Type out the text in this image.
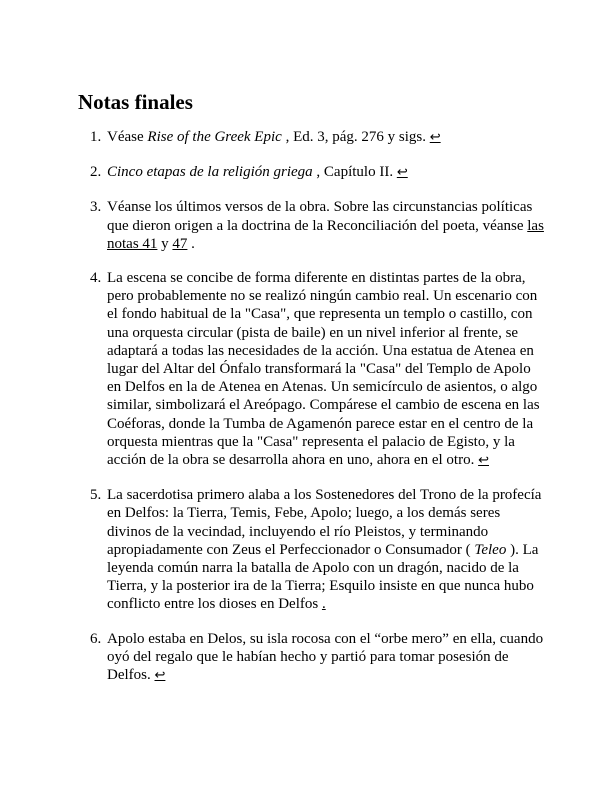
Notas finales
1. Véase Rise of the Greek Epic , Ed. 3, pág. 276 y sigs. ↩
2. Cinco etapas de la religión griega , Capítulo II. ↩
3. Véanse los últimos versos de la obra. Sobre las circunstancias políticas que dieron origen a la doctrina de la Reconciliación del poeta, véanse las notas 41 y 47 .
4. La escena se concibe de forma diferente en distintas partes de la obra, pero probablemente no se realizó ningún cambio real. Un escenario con el fondo habitual de la "Casa", que representa un templo o castillo, con una orquesta circular (pista de baile) en un nivel inferior al frente, se adaptará a todas las necesidades de la acción. Una estatua de Atenea en lugar del Altar del Ónfalo transformará la "Casa" del Templo de Apolo en Delfos en la de Atenea en Atenas. Un semicírculo de asientos, o algo similar, simbolizará el Areópago. Compárese el cambio de escena en las Coéforas, donde la Tumba de Agamenón parece estar en el centro de la orquesta mientras que la "Casa" representa el palacio de Egisto, y la acción de la obra se desarrolla ahora en uno, ahora en el otro. ↩
5. La sacerdotisa primero alaba a los Sostenedores del Trono de la profecía en Delfos: la Tierra, Temis, Febe, Apolo; luego, a los demás seres divinos de la vecindad, incluyendo el río Pleistos, y terminando apropiadamente con Zeus el Perfeccionador o Consumador ( Teleo ). La leyenda común narra la batalla de Apolo con un dragón, nacido de la Tierra, y la posterior ira de la Tierra; Esquilo insiste en que nunca hubo conflicto entre los dioses en Delfos .
6. Apolo estaba en Delos, su isla rocosa con el “orbe mero” en ella, cuando oyó del regalo que le habían hecho y partió para tomar posesión de Delfos. ↩
